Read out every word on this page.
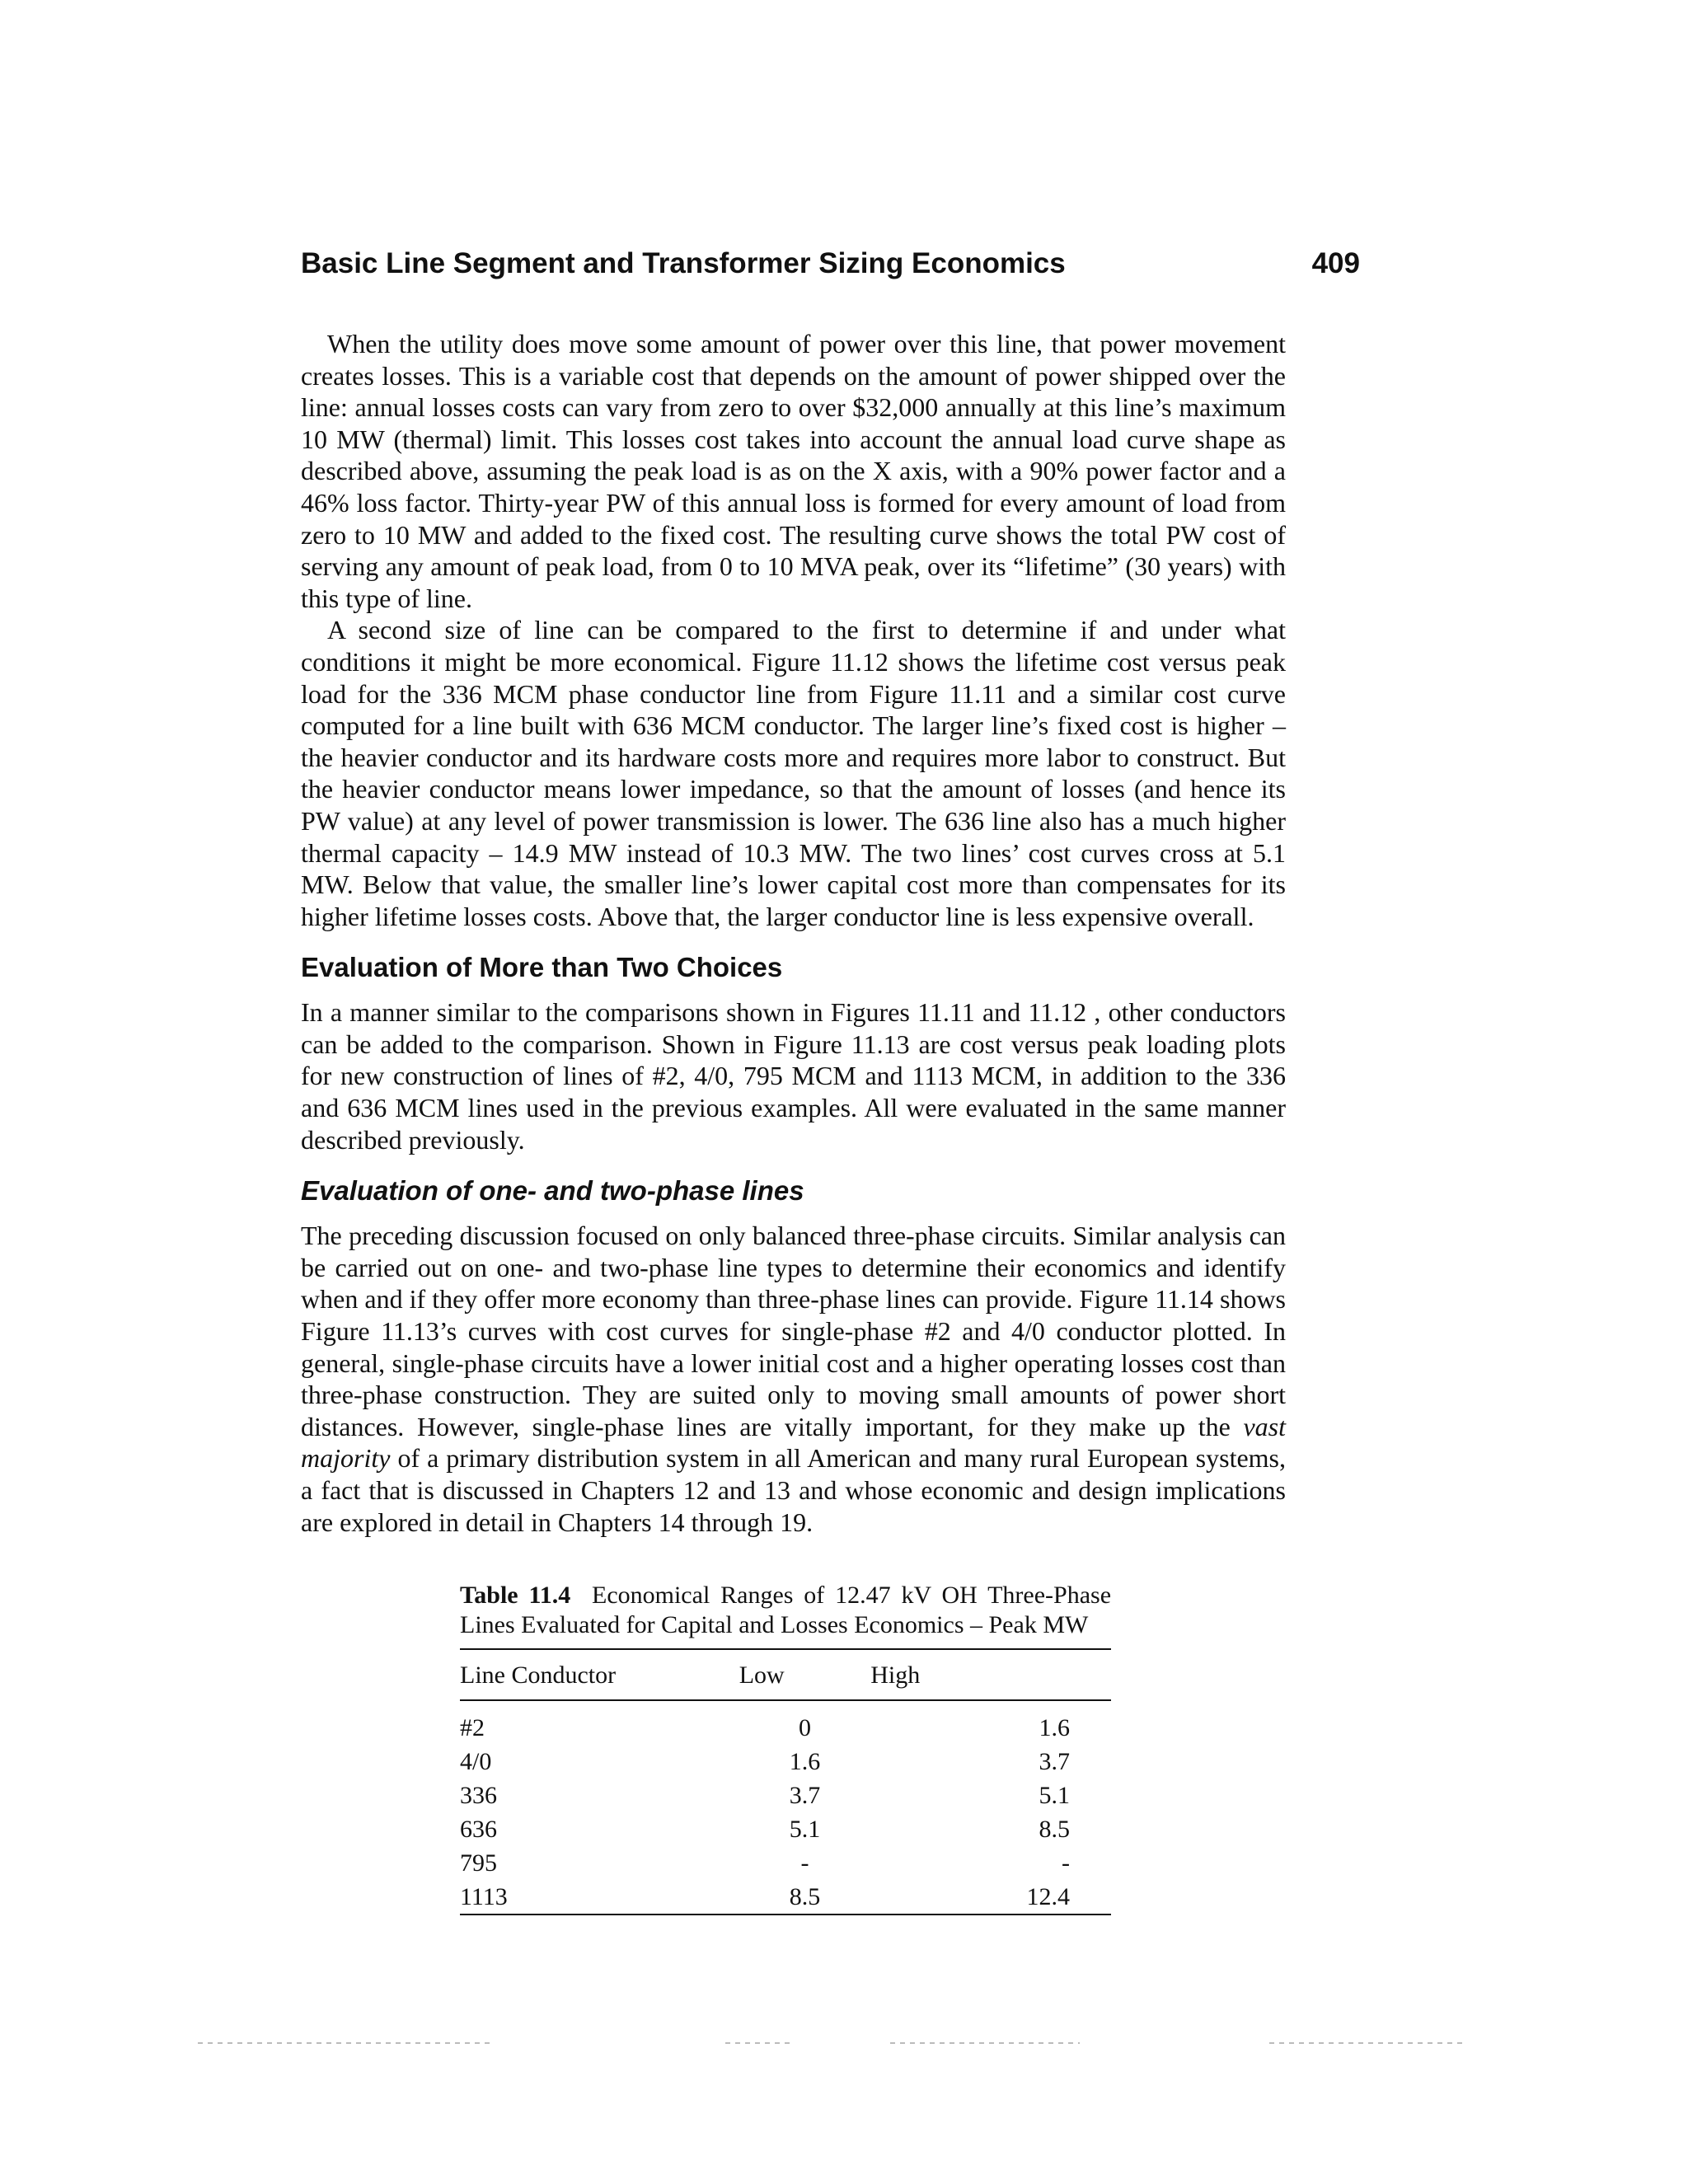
Basic Line Segment and Transformer Sizing Economics	409

When the utility does move some amount of power over this line, that power movement creates losses. This is a variable cost that depends on the amount of power shipped over the line: annual losses costs can vary from zero to over $32,000 annually at this line’s maximum 10 MW (thermal) limit. This losses cost takes into account the annual load curve shape as described above, assuming the peak load is as on the X axis, with a 90% power factor and a 46% loss factor. Thirty-year PW of this annual loss is formed for every amount of load from zero to 10 MW and added to the fixed cost. The resulting curve shows the total PW cost of serving any amount of peak load, from 0 to 10 MVA peak, over its “lifetime” (30 years) with this type of line.

A second size of line can be compared to the first to determine if and under what conditions it might be more economical. Figure 11.12 shows the lifetime cost versus peak load for the 336 MCM phase conductor line from Figure 11.11 and a similar cost curve computed for a line built with 636 MCM conductor. The larger line’s fixed cost is higher – the heavier conductor and its hardware costs more and requires more labor to construct. But the heavier conductor means lower impedance, so that the amount of losses (and hence its PW value) at any level of power transmission is lower. The 636 line also has a much higher thermal capacity – 14.9 MW instead of 10.3 MW. The two lines’ cost curves cross at 5.1 MW. Below that value, the smaller line’s lower capital cost more than compensates for its higher lifetime losses costs. Above that, the larger conductor line is less expensive overall.

Evaluation of More than Two Choices

In a manner similar to the comparisons shown in Figures 11.11 and 11.12 , other conductors can be added to the comparison. Shown in Figure 11.13 are cost versus peak loading plots for new construction of lines of #2, 4/0, 795 MCM and 1113 MCM, in addition to the 336 and 636 MCM lines used in the previous examples. All were evaluated in the same manner described previously.

Evaluation of one- and two-phase lines

The preceding discussion focused on only balanced three-phase circuits. Similar analysis can be carried out on one- and two-phase line types to determine their economics and identify when and if they offer more economy than three-phase lines can provide. Figure 11.14 shows Figure 11.13’s curves with cost curves for single-phase #2 and 4/0 conductor plotted. In general, single-phase circuits have a lower initial cost and a higher operating losses cost than three-phase construction. They are suited only to moving small amounts of power short distances. However, single-phase lines are vitally important, for they make up the vast majority of a primary distribution system in all American and many rural European systems, a fact that is discussed in Chapters 12 and 13 and whose economic and design implications are explored in detail in Chapters 14 through 19.

Table 11.4 Economical Ranges of 12.47 kV OH Three-Phase Lines Evaluated for Capital and Losses Economics – Peak MW
Line Conductor	Low	High
#2	0	1.6
4/0	1.6	3.7
336	3.7	5.1
636	5.1	8.5
795	-	-
1113	8.5	12.4
